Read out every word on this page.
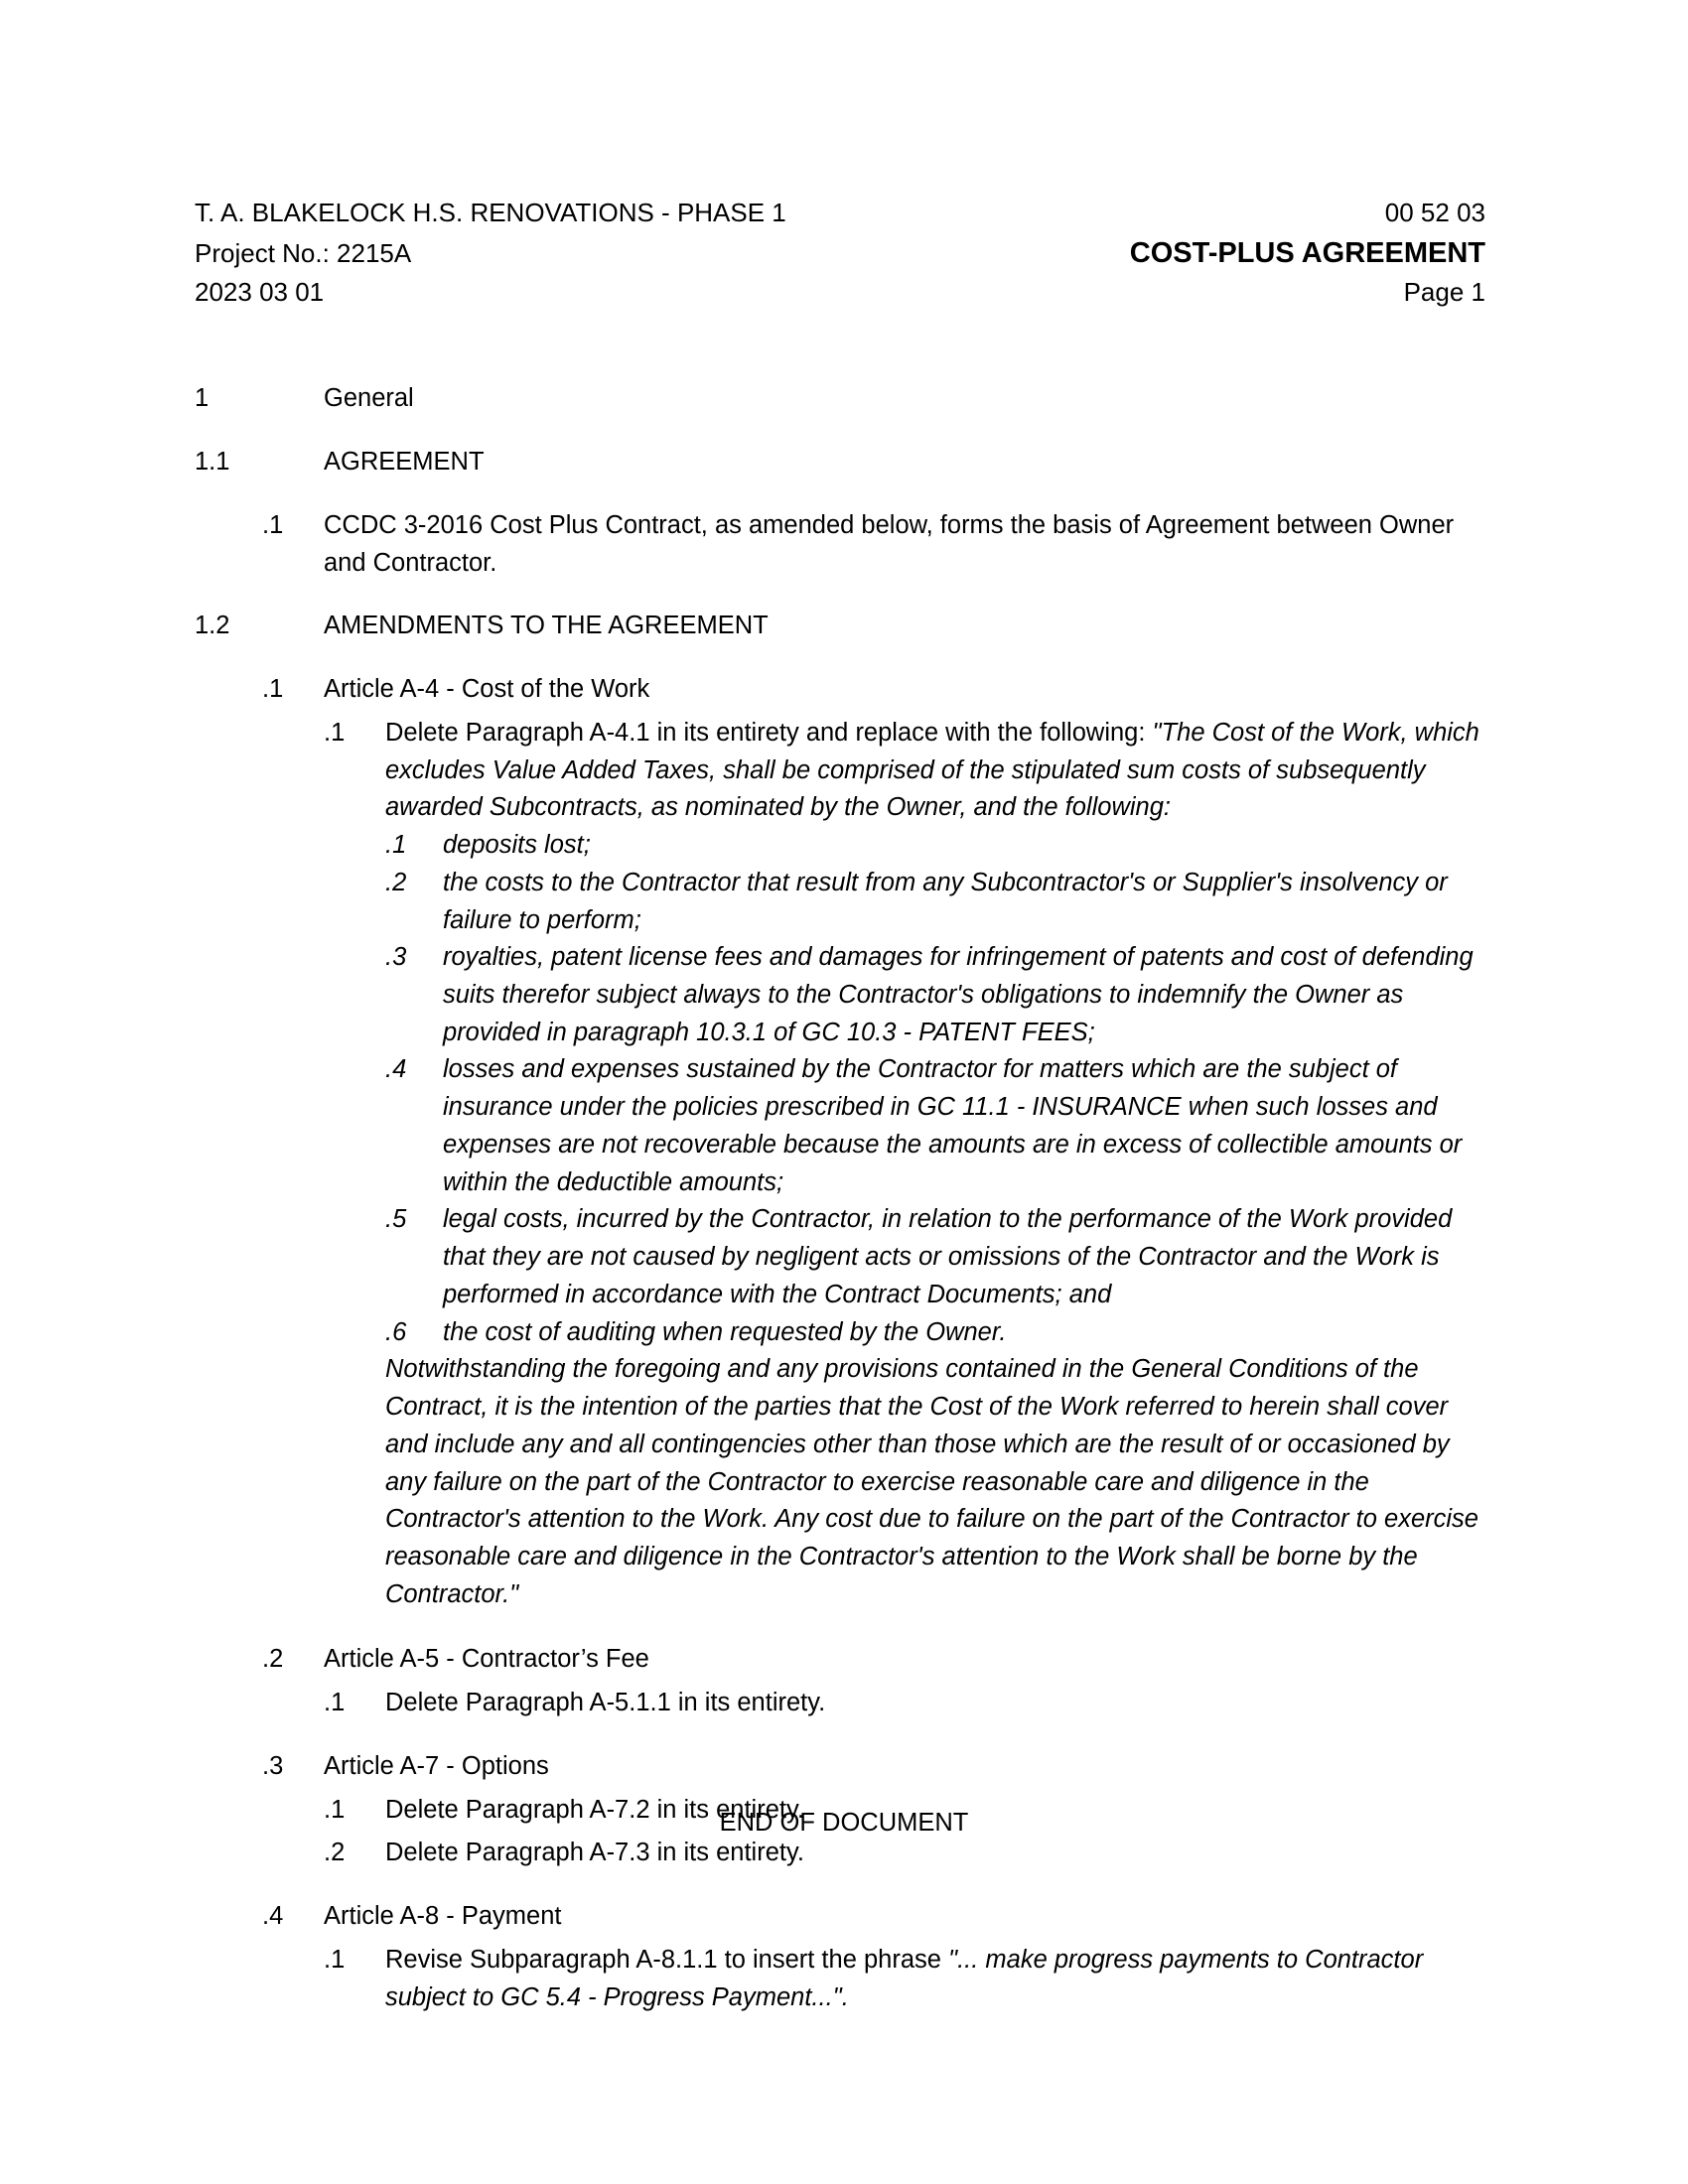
T. A. BLAKELOCK H.S. RENOVATIONS - PHASE 1	00 52 03
Project No.: 2215A	COST-PLUS AGREEMENT
2023 03 01	Page 1
1	General
1.1	AGREEMENT
.1	CCDC 3-2016 Cost Plus Contract, as amended below, forms the basis of Agreement between Owner and Contractor.
1.2	AMENDMENTS TO THE AGREEMENT
.1	Article A-4 - Cost of the Work
.1	Delete Paragraph A-4.1 in its entirety and replace with the following: "The Cost of the Work, which excludes Value Added Taxes, shall be comprised of the stipulated sum costs of subsequently awarded Subcontracts, as nominated by the Owner, and the following:

.1	deposits lost;
.2	the costs to the Contractor that result from any Subcontractor's or Supplier's insolvency or failure to perform;
.3	royalties, patent license fees and damages for infringement of patents and cost of defending suits therefor subject always to the Contractor's obligations to indemnify the Owner as provided in paragraph 10.3.1 of GC 10.3 - PATENT FEES;
.4	losses and expenses sustained by the Contractor for matters which are the subject of insurance under the policies prescribed in GC 11.1 - INSURANCE when such losses and expenses are not recoverable because the amounts are in excess of collectible amounts or within the deductible amounts;
.5	legal costs, incurred by the Contractor, in relation to the performance of the Work provided that they are not caused by negligent acts or omissions of the Contractor and the Work is performed in accordance with the Contract Documents; and
.6	the cost of auditing when requested by the Owner.

Notwithstanding the foregoing and any provisions contained in the General Conditions of the Contract, it is the intention of the parties that the Cost of the Work referred to herein shall cover and include any and all contingencies other than those which are the result of or occasioned by any failure on the part of the Contractor to exercise reasonable care and diligence in the Contractor's attention to the Work. Any cost due to failure on the part of the Contractor to exercise reasonable care and diligence in the Contractor's attention to the Work shall be borne by the Contractor."

.2	Article A-5 - Contractor’s Fee
.1	Delete Paragraph A-5.1.1 in its entirety.
.3	Article A-7 - Options
.1	Delete Paragraph A-7.2 in its entirety.
.2	Delete Paragraph A-7.3 in its entirety.
.4	Article A-8 - Payment
.1	Revise Subparagraph A-8.1.1 to insert the phrase "... make progress payments to Contractor subject to GC 5.4 - Progress Payment...".
END OF DOCUMENT
